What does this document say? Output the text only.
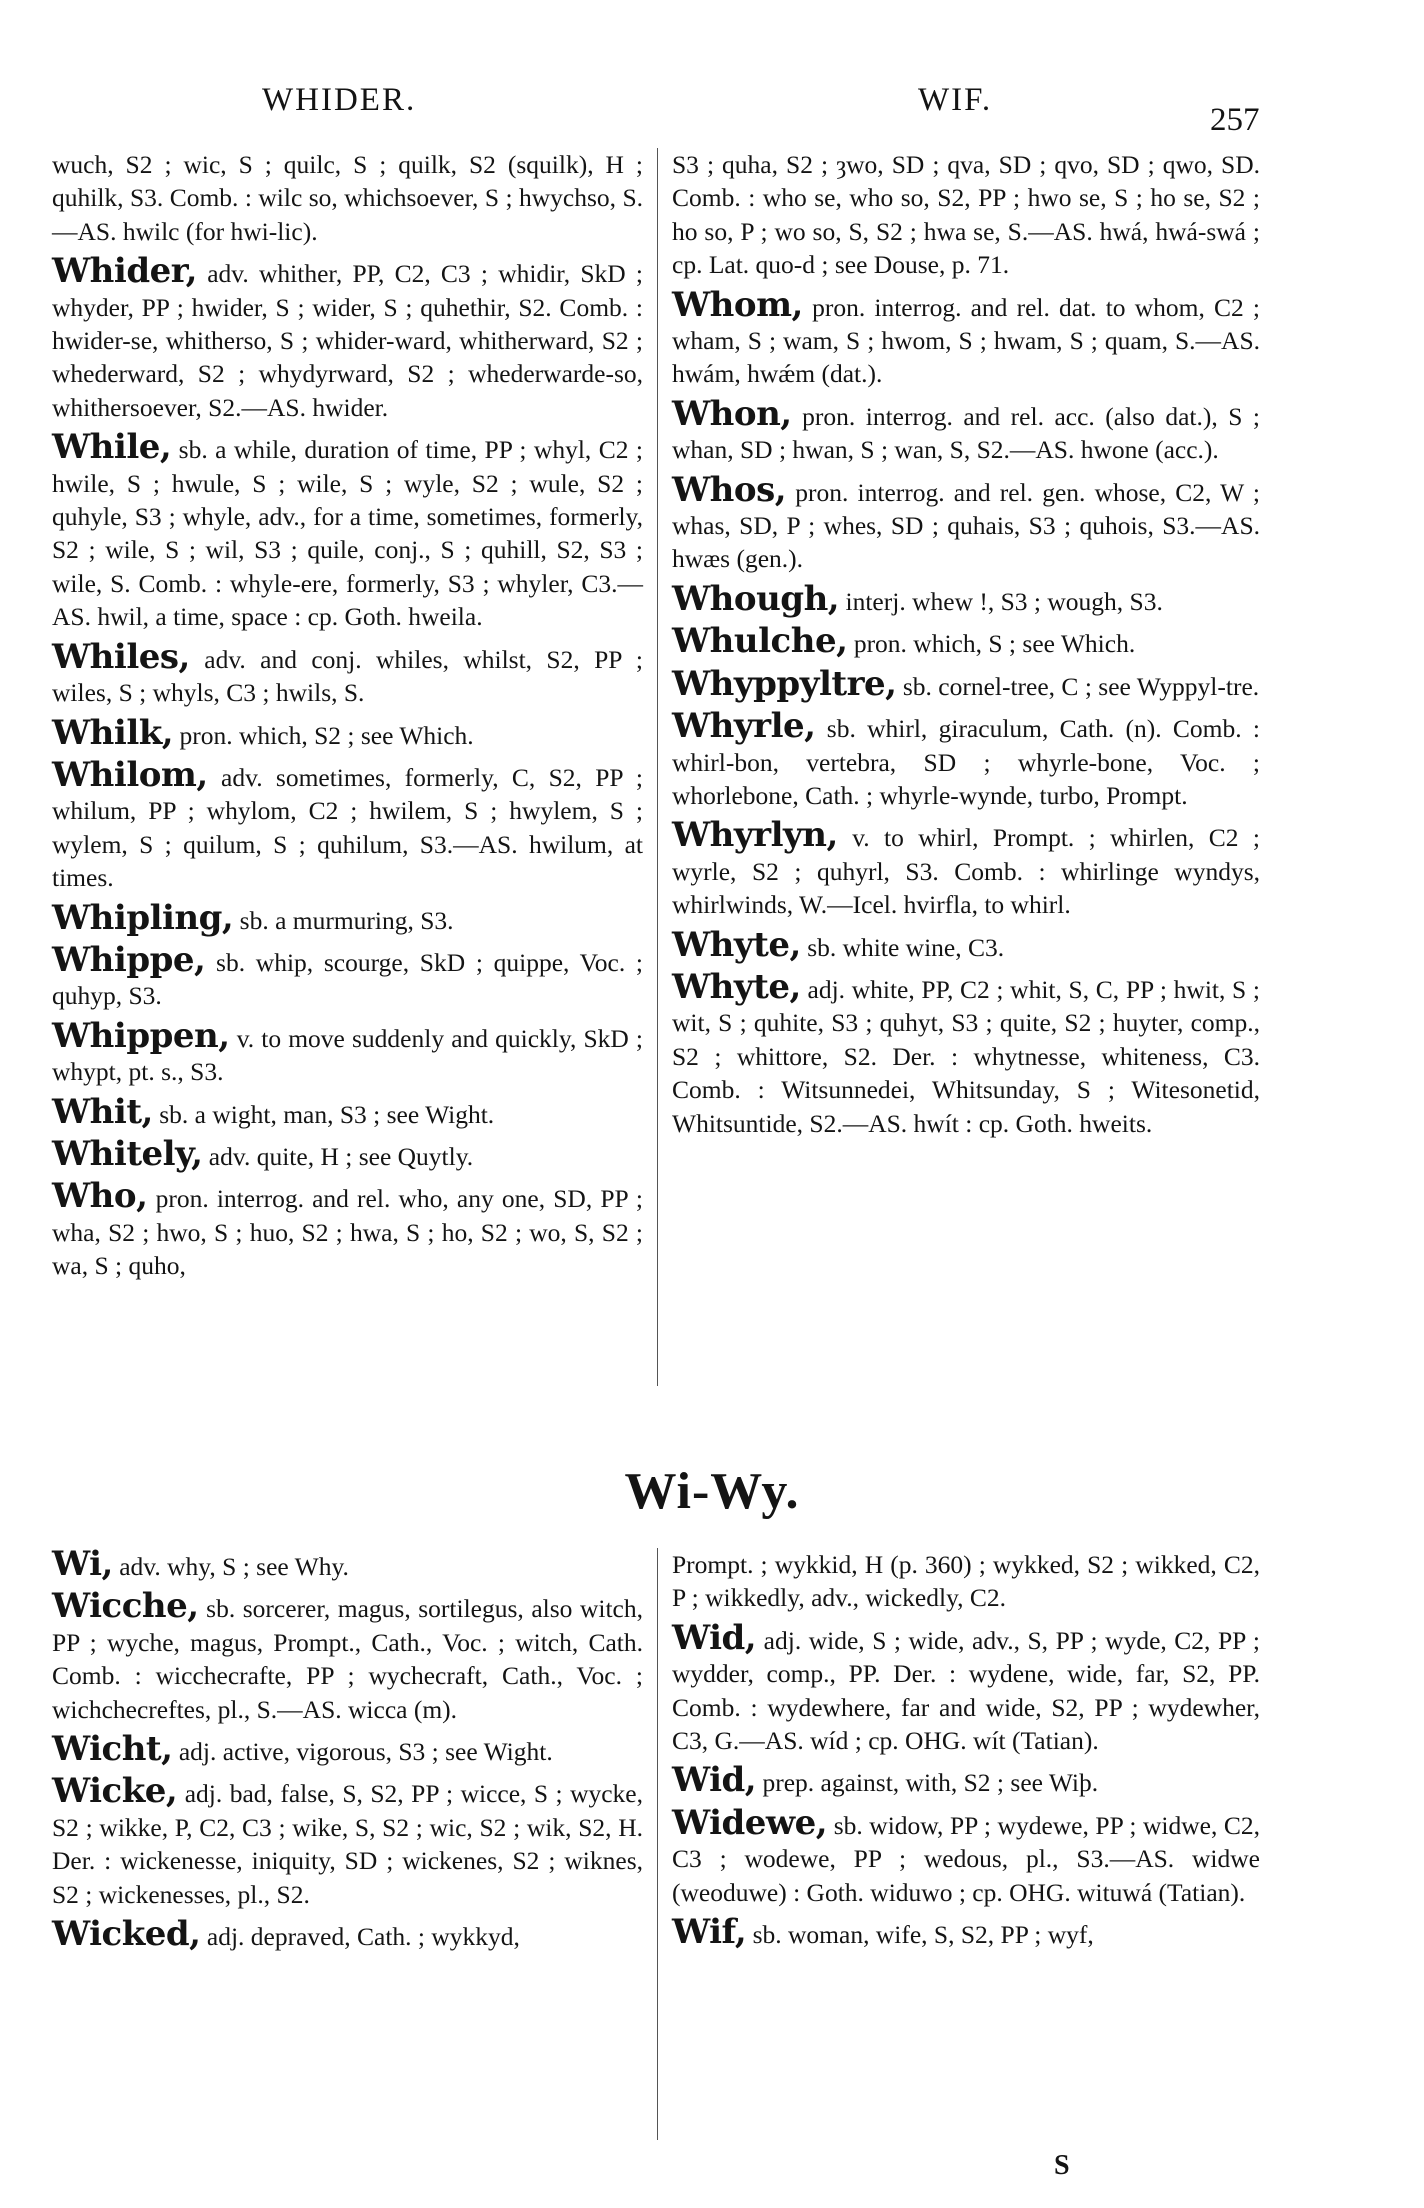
WHIDER.	WIF.
257

wuch, S2 ; wic, S ; quilc, S ; quilk, S2 (squilk), H ; quhilk, S3. Comb. : wilc so, whichsoever, S ; hwychso, S.—AS. hwilc (for hwi-lic).

Whider, adv. whither, PP, C2, C3 ; whidir, SkD ; whyder, PP ; hwider, S ; wider, S ; quhethir, S2. Comb. : hwider-se, whitherso, S ; whider-ward, whitherward, S2 ; whederward, S2 ; whydyrward, S2 ; whederwarde-so, whithersoever, S2.—AS. hwider.

While, sb. a while, duration of time, PP ; whyl, C2 ; hwile, S ; hwule, S ; wile, S ; wyle, S2 ; wule, S2 ; quhyle, S3 ; whyle, adv., for a time, sometimes, formerly, S2 ; wile, S ; wil, S3 ; quile, conj., S ; quhill, S2, S3 ; wile, S. Comb. : whyle-ere, formerly, S3 ; whyler, C3.—AS. hwil, a time, space : cp. Goth. hweila.

Whiles, adv. and conj. whiles, whilst, S2, PP ; wiles, S ; whyls, C3 ; hwils, S.

Whilk, pron. which, S2 ; see Which.

Whilom, adv. sometimes, formerly, C, S2, PP ; whilum, PP ; whylom, C2 ; hwilem, S ; hwylem, S ; wylem, S ; quilum, S ; quhilum, S3.—AS. hwilum, at times.

Whipling, sb. a murmuring, S3.

Whippe, sb. whip, scourge, SkD ; quippe, Voc. ; quhyp, S3.

Whippen, v. to move suddenly and quickly, SkD ; whypt, pt. s., S3.

Whit, sb. a wight, man, S3 ; see Wight.

Whitely, adv. quite, H ; see Quytly.

Who, pron. interrog. and rel. who, any one, SD, PP ; wha, S2 ; hwo, S ; huo, S2 ; hwa, S ; ho, S2 ; wo, S, S2 ; wa, S ; quho,

S3 ; quha, S2 ; ȝwo, SD ; qva, SD ; qvo, SD ; qwo, SD. Comb. : who se, who so, S2, PP ; hwo se, S ; ho se, S2 ; ho so, P ; wo so, S, S2 ; hwa se, S.—AS. hwá, hwá-swá ; cp. Lat. quo-d ; see Douse, p. 71.

Whom, pron. interrog. and rel. dat. to whom, C2 ; wham, S ; wam, S ; hwom, S ; hwam, S ; quam, S.—AS. hwám, hwǽm (dat.).

Whon, pron. interrog. and rel. acc. (also dat.), S ; whan, SD ; hwan, S ; wan, S, S2.—AS. hwone (acc.).

Whos, pron. interrog. and rel. gen. whose, C2, W ; whas, SD, P ; whes, SD ; quhais, S3 ; quhois, S3.—AS. hwæs (gen.).

Whough, interj. whew !, S3 ; wough, S3.

Whulche, pron. which, S ; see Which.

Whyppyltre, sb. cornel-tree, C ; see Wyppyl-tre.

Whyrle, sb. whirl, giraculum, Cath. (n). Comb. : whirl-bon, vertebra, SD ; whyrle-bone, Voc. ; whorlebone, Cath. ; whyrle-wynde, turbo, Prompt.

Whyrlyn, v. to whirl, Prompt. ; whirlen, C2 ; wyrle, S2 ; quhyrl, S3. Comb. : whirlinge wyndys, whirlwinds, W.—Icel. hvirfla, to whirl.

Whyte, sb. white wine, C3.

Whyte, adj. white, PP, C2 ; whit, S, C, PP ; hwit, S ; wit, S ; quhite, S3 ; quhyt, S3 ; quite, S2 ; huyter, comp., S2 ; whittore, S2. Der. : whytnesse, whiteness, C3. Comb. : Witsunnedei, Whitsunday, S ; Witesonetid, Whitsuntide, S2.—AS. hwít : cp. Goth. hweits.

Wi-Wy.

Wi, adv. why, S ; see Why.

Wicche, sb. sorcerer, magus, sortilegus, also witch, PP ; wyche, magus, Prompt., Cath., Voc. ; witch, Cath. Comb. : wicchecrafte, PP ; wychecraft, Cath., Voc. ; wichchecreftes, pl., S.—AS. wicca (m).

Wicht, adj. active, vigorous, S3 ; see Wight.

Wicke, adj. bad, false, S, S2, PP ; wicce, S ; wycke, S2 ; wikke, P, C2, C3 ; wike, S, S2 ; wic, S2 ; wik, S2, H. Der. : wickenesse, iniquity, SD ; wickenes, S2 ; wiknes, S2 ; wickenesses, pl., S2.

Wicked, adj. depraved, Cath. ; wykkyd,

Prompt. ; wykkid, H (p. 360) ; wykked, S2 ; wikked, C2, P ; wikkedly, adv., wickedly, C2.

Wid, adj. wide, S ; wide, adv., S, PP ; wyde, C2, PP ; wydder, comp., PP. Der. : wydene, wide, far, S2, PP. Comb. : wydewhere, far and wide, S2, PP ; wydewher, C3, G.—AS. wíd ; cp. OHG. wít (Tatian).

Wid, prep. against, with, S2 ; see Wiþ.

Widewe, sb. widow, PP ; wydewe, PP ; widwe, C2, C3 ; wodewe, PP ; wedous, pl., S3.—AS. widwe (weoduwe) : Goth. widuwo ; cp. OHG. wituwá (Tatian).

Wif, sb. woman, wife, S, S2, PP ; wyf,

S
